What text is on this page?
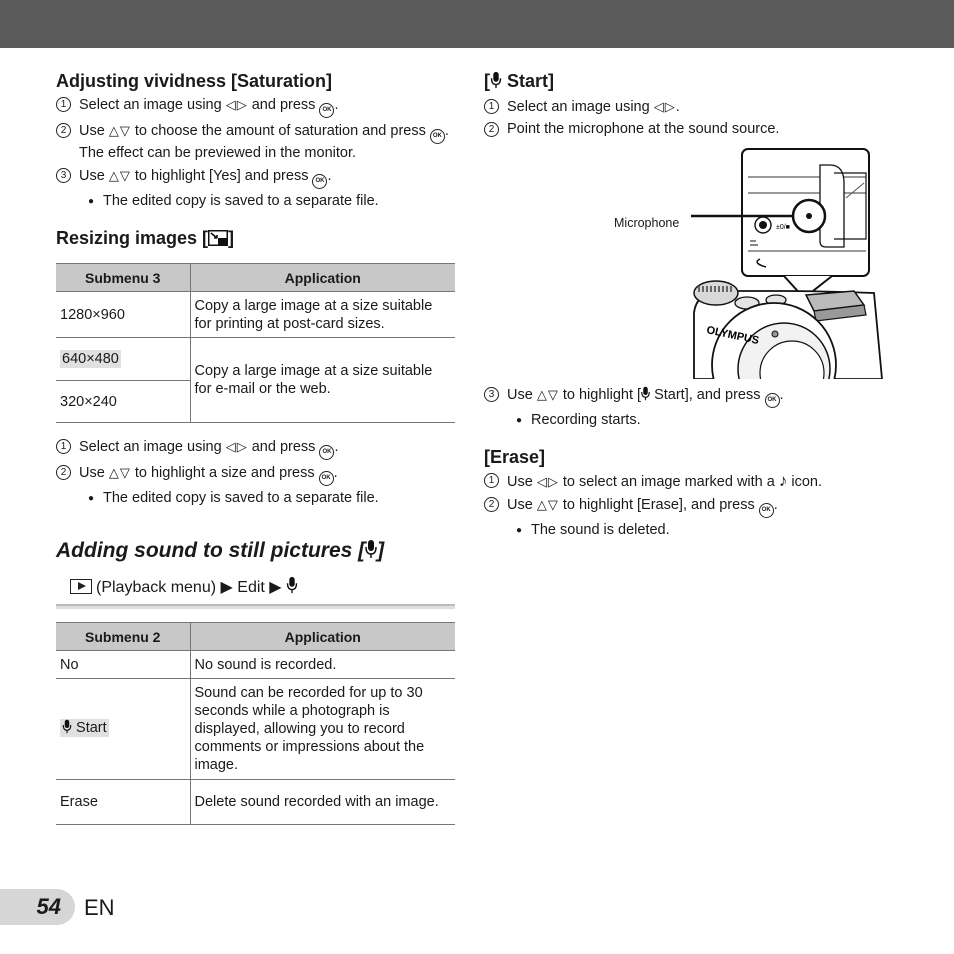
Adjusting vividness [Saturation]
1 Select an image using ◁▷ and press OK .
2 Use △▽ to choose the amount of saturation and press OK . The effect can be previewed in the monitor.
3 Use △▽ to highlight [Yes] and press OK .
● The edited copy is saved to a separate file.
Resizing images [ ]
Submenu 3	Application
1280×960	Copy a large image at a size suitable for printing at post-card sizes.
640×480	Copy a large image at a size suitable for e-mail or the web.
320×240	
1 Select an image using ◁▷ and press OK .
2 Use △▽ to highlight a size and press OK .
● The edited copy is saved to a separate file.
Adding sound to still pictures [ ]
(Playback menu) ▶ Edit ▶
Submenu 2	Application
No	No sound is recorded.
Start	Sound can be recorded for up to 30 seconds while a photograph is displayed, allowing you to record comments or impressions about the image.
Erase	Delete sound recorded with an image.
[ Start]
1 Select an image using ◁▷.
2 Point the microphone at the sound source.
Microphone	±0/■
OLYMPUS
3 Use △▽ to highlight [ Start], and press OK .
● Recording starts.
[Erase]
1 Use ◁▷ to select an image marked with a ♪ icon.
2 Use △▽ to highlight [Erase], and press OK .
● The sound is deleted.
54	EN
